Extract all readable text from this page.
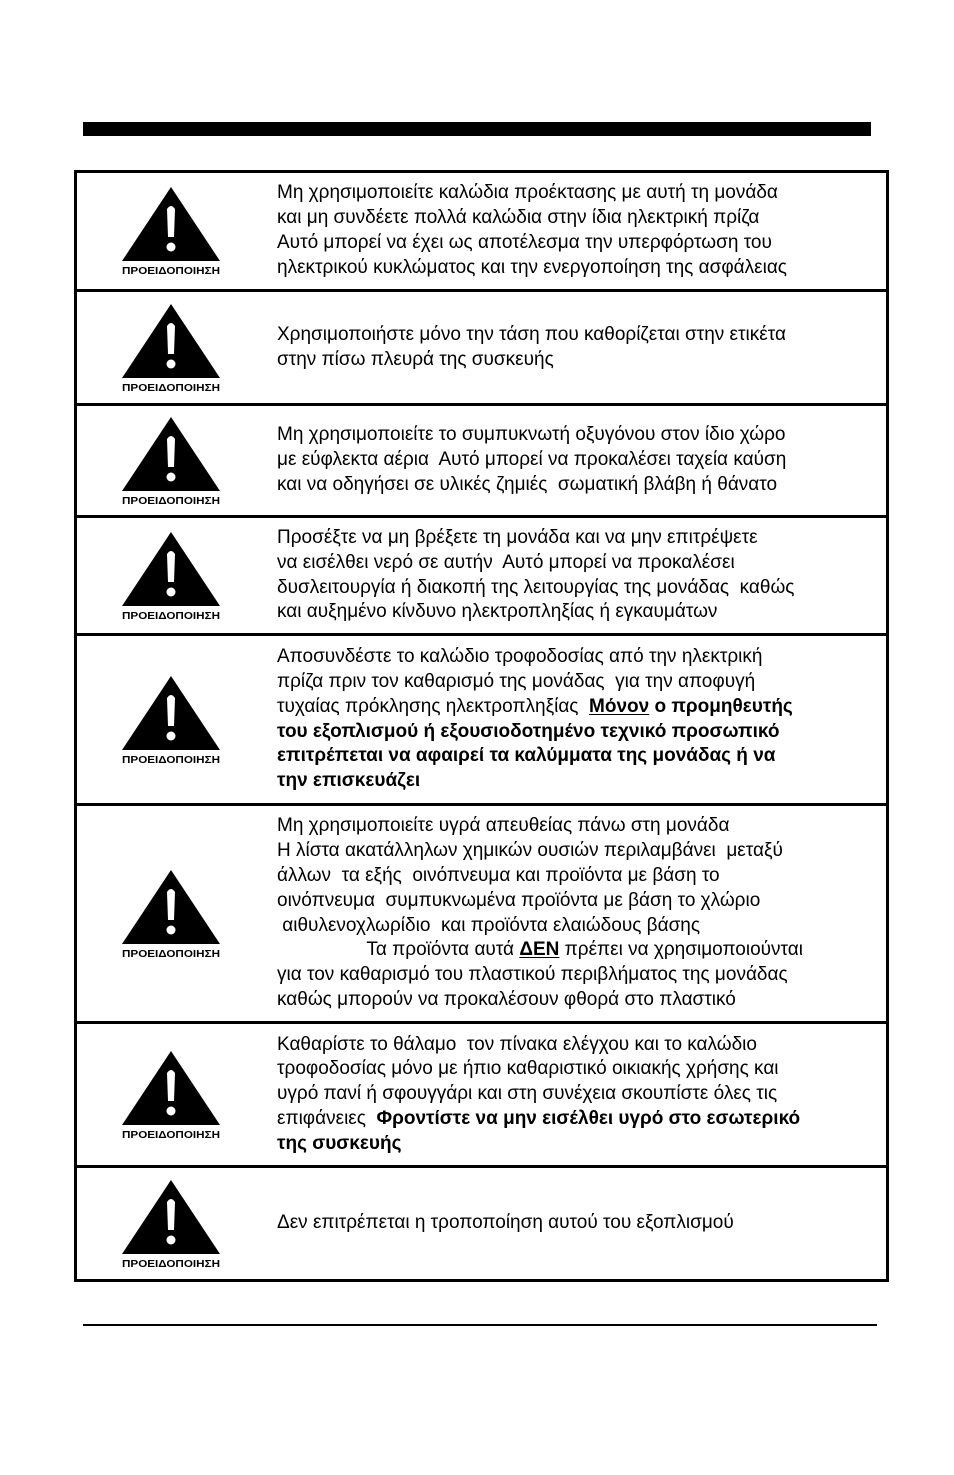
ΠΡΟΕΙΔΟΠΟΙΗΣΗ
Μη χρησιμοποιείτε καλώδια προέκτασης με αυτή τη μονάδα
και μη συνδέετε πολλά καλώδια στην ίδια ηλεκτρική πρίζα
Αυτό μπορεί να έχει ως αποτέλεσμα την υπερφόρτωση του
ηλεκτρικού κυκλώματος και την ενεργοποίηση της ασφάλειας
ΠΡΟΕΙΔΟΠΟΙΗΣΗ
Χρησιμοποιήστε μόνο την τάση που καθορίζεται στην ετικέτα
στην πίσω πλευρά της συσκευής
ΠΡΟΕΙΔΟΠΟΙΗΣΗ
Μη χρησιμοποιείτε το συμπυκνωτή οξυγόνου στον ίδιο χώρο
με εύφλεκτα αέρια  Αυτό μπορεί να προκαλέσει ταχεία καύση
και να οδηγήσει σε υλικές ζημιές  σωματική βλάβη ή θάνατο
ΠΡΟΕΙΔΟΠΟΙΗΣΗ
Προσέξτε να μη βρέξετε τη μονάδα και να μην επιτρέψετε
να εισέλθει νερό σε αυτήν  Αυτό μπορεί να προκαλέσει
δυσλειτουργία ή διακοπή της λειτουργίας της μονάδας  καθώς
και αυξημένο κίνδυνο ηλεκτροπληξίας ή εγκαυμάτων
ΠΡΟΕΙΔΟΠΟΙΗΣΗ
Αποσυνδέστε το καλώδιο τροφοδοσίας από την ηλεκτρική
πρίζα πριν τον καθαρισμό της μονάδας  για την αποφυγή
τυχαίας πρόκλησης ηλεκτροπληξίας  Μόνον ο προμηθευτής
του εξοπλισμού ή εξουσιοδοτημένο τεχνικό προσωπικό
επιτρέπεται να αφαιρεί τα καλύμματα της μονάδας ή να
την επισκευάζει
ΠΡΟΕΙΔΟΠΟΙΗΣΗ
Μη χρησιμοποιείτε υγρά απευθείας πάνω στη μονάδα
Η λίστα ακατάλληλων χημικών ουσιών περιλαμβάνει  μεταξύ
άλλων  τα εξής  οινόπνευμα και προϊόντα με βάση το
οινόπνευμα  συμπυκνωμένα προϊόντα με βάση το χλώριο
αιθυλενοχλωρίδιο  και προϊόντα ελαιώδους βάσης
Τα προϊόντα αυτά ΔΕΝ πρέπει να χρησιμοποιούνται
για τον καθαρισμό του πλαστικού περιβλήματος της μονάδας
καθώς μπορούν να προκαλέσουν φθορά στο πλαστικό
ΠΡΟΕΙΔΟΠΟΙΗΣΗ
Καθαρίστε το θάλαμο  τον πίνακα ελέγχου και το καλώδιο
τροφοδοσίας μόνο με ήπιο καθαριστικό οικιακής χρήσης και
υγρό πανί ή σφουγγάρι και στη συνέχεια σκουπίστε όλες τις
επιφάνειες  Φροντίστε να μην εισέλθει υγρό στο εσωτερικό
της συσκευής
ΠΡΟΕΙΔΟΠΟΙΗΣΗ
Δεν επιτρέπεται η τροποποίηση αυτού του εξοπλισμού
